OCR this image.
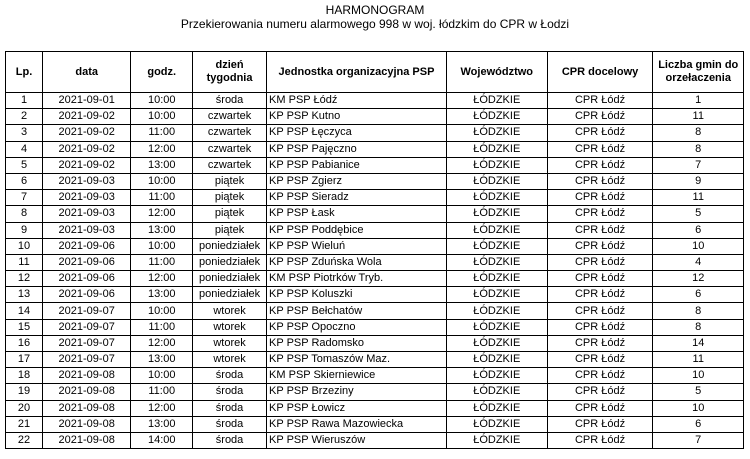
HARMONOGRAM
Przekierowania numeru alarmowego 998 w woj. łódzkim do CPR w Łodzi
Lp.	data	godz.	dzień tygodnia	Jednostka organizacyjna PSP	Województwo	CPR docelowy	Liczba gmin do orzełaczenia
1	2021-09-01	10:00	środa	KM PSP Łódź	ŁÓDZKIE	CPR Łódź	1
2	2021-09-02	10:00	czwartek	KP PSP Kutno	ŁÓDZKIE	CPR Łódź	11
3	2021-09-02	11:00	czwartek	KP PSP Łęczyca	ŁÓDZKIE	CPR Łódź	8
4	2021-09-02	12:00	czwartek	KP PSP Pajęczno	ŁÓDZKIE	CPR Łódź	8
5	2021-09-02	13:00	czwartek	KP PSP Pabianice	ŁÓDZKIE	CPR Łódź	7
6	2021-09-03	10:00	piątek	KP PSP Zgierz	ŁÓDZKIE	CPR Łódź	9
7	2021-09-03	11:00	piątek	KP PSP Sieradz	ŁÓDZKIE	CPR Łódź	11
8	2021-09-03	12:00	piątek	KP PSP Łask	ŁÓDZKIE	CPR Łódź	5
9	2021-09-03	13:00	piątek	KP PSP Poddębice	ŁÓDZKIE	CPR Łódź	6
10	2021-09-06	10:00	poniedziałek	KP PSP Wieluń	ŁÓDZKIE	CPR Łódź	10
11	2021-09-06	11:00	poniedziałek	KP PSP Zduńska Wola	ŁÓDZKIE	CPR Łódź	4
12	2021-09-06	12:00	poniedziałek	KM PSP Piotrków Tryb.	ŁÓDZKIE	CPR Łódź	12
13	2021-09-06	13:00	poniedziałek	KP PSP Koluszki	ŁÓDZKIE	CPR Łódź	6
14	2021-09-07	10:00	wtorek	KP PSP Bełchatów	ŁÓDZKIE	CPR Łódź	8
15	2021-09-07	11:00	wtorek	KP PSP Opoczno	ŁÓDZKIE	CPR Łódź	8
16	2021-09-07	12:00	wtorek	KP PSP Radomsko	ŁÓDZKIE	CPR Łódź	14
17	2021-09-07	13:00	wtorek	KP PSP Tomaszów Maz.	ŁÓDZKIE	CPR Łódź	11
18	2021-09-08	10:00	środa	KM PSP Skierniewice	ŁÓDZKIE	CPR Łódź	10
19	2021-09-08	11:00	środa	KP PSP Brzeziny	ŁÓDZKIE	CPR Łódź	5
20	2021-09-08	12:00	środa	KP PSP Łowicz	ŁÓDZKIE	CPR Łódź	10
21	2021-09-08	13:00	środa	KP PSP Rawa Mazowiecka	ŁÓDZKIE	CPR Łódź	6
22	2021-09-08	14:00	środa	KP PSP Wieruszów	ŁÓDZKIE	CPR Łódź	7
